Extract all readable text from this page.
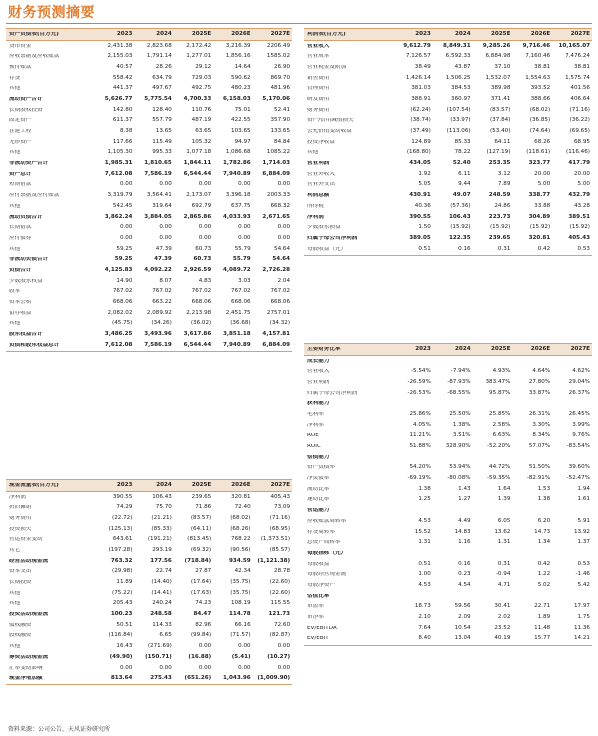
财务预测摘要
资产负债表(百万元)	2023	2024	2025E	2026E	2027E
货币资金	2,431.38	2,823.68	2,172.42	3,216.39	2206.49
应收票据及应收账款	2,155.03	1,791.14	1,277.01	1,856.16	1585.02
预付账款	40.57	28.26	29.12	14.64	26.90
存货	558.42	634.79	729.03	590.62	869.70
其他	441.37	497.67	492.75	480.23	481.96
流动资产合计	5,626.77	5,775.54	4,700.33	6,158.03	5,170.06
长期股权投资	142.80	128.40	110.76	75.01	52.41
固定资产	611.37	557.79	487.19	422.55	357.90
在建工程	8.38	13.65	63.65	103.65	133.65
无形资产	117.66	115.49	105.32	94.97	84.84
其他	1,105.30	995.33	1,077.18	1,086.68	1085.22
非流动资产合计	1,985.31	1,810.65	1,844.11	1,782.86	1,714.03
资产总计	7,612.08	7,586.19	6,544.44	7,940.89	6,884.09
短期借款	0.00	0.00	0.00	0.00	0.00
应付票据及应付账款	3,319.79	3,564.41	2,173.07	3,396.18	2003.33
其他	542.45	319.64	692.79	637.75	668.32
流动负债合计	3,862.24	3,884.05	2,865.86	4,033.93	2,671.65
长期借款	0.00	0.00	0.00	0.00	0.00
应付债券	0.00	0.00	0.00	0.00	0.00
其他	59.25	47.39	60.73	55.79	54.64
非流动负债合计	59.25	47.39	60.73	55.79	54.64
负债合计	4,125.83	4,092.22	2,926.59	4,089.72	2,726.28
少数股东权益	14.90	8.07	4.83	3.03	2.04
股本	767.02	767.02	767.02	767.02	767.02
资本公积	668.06	663.22	668.06	668.06	668.06
留存收益	2,082.02	2,089.92	2,213.98	2,451.75	2757.01
其他	(45.75)	(34.26)	(36.02)	(36.68)	(34.32)
股东权益合计	3,486.25	3,493.96	3,617.86	3,851.18	4,157.81
负债和股东权益总计	7,612.08	7,586.19	6,544.44	7,940.89	6,884.09
利润表(百万元)	2023	2024	2025E	2026E	2027E
营业收入	9,612.79	8,849.31	9,285.26	9,716.46	10,165.07
营业成本	7,126.57	6,592.33	6,884.98	7,160.46	7,476.24
营业税金及附加	38.49	43.87	37.10	38.81	38.81
销售费用	1,426.14	1,506.25	1,532.07	1,554.63	1,575.74
管理费用	381.03	384.53	389.98	393.52	401.56
研发费用	388.91	360.97	371.41	388.66	406.64
财务费用	(62.24)	(107.54)	(83.57)	(68.02)	(71.16)
资产/信用减值损失	(38.74)	(33.97)	(37.84)	(36.85)	(36.22)
公允价值变动收益	(37.49)	(113.06)	(53.40)	(74.64)	(69.65)
投资净收益	124.89	85.33	64.11	68.26	68.95
其他	(168.80)	78.22	(127.19)	(118.61)	(116.46)
营业利润	434.05	52.40	253.35	323.77	417.79
营业外收入	1.92	6.11	3.12	20.00	20.00
营业外支出	5.05	9.44	7.89	5.00	5.00
利润总额	430.91	49.07	248.59	338.77	432.79
所得税	40.36	(57.36)	24.86	33.88	43.28
净利润	390.55	106.43	223.73	304.89	389.51
少数股东损益	1.50	(15.92)	(15.92)	(15.92)	(15.92)
归属于母公司净利润	389.05	122.35	239.65	320.81	405.43
每股收益（元）	0.51	0.16	0.31	0.42	0.53
主要财务比率	2023	2024	2025E	2026E	2027E
成长能力
营业收入	-5.54%	-7.94%	4.93%	4.64%	4.62%
营业利润	-26.59%	-87.93%	383.47%	27.80%	29.04%
归属于母公司净利润	-26.53%	-68.55%	95.87%	33.87%	26.37%
获利能力
毛利率	25.86%	25.50%	25.85%	26.31%	26.45%
净利率	4.05%	1.38%	2.58%	3.30%	3.99%
ROE	11.21%	3.51%	6.63%	8.34%	9.76%
ROIC	51.88%	328.90%	-52.20%	57.07%	-83.54%
偿债能力
资产负债率	54.20%	53.94%	44.72%	51.50%	39.60%
净负债率	-69.19%	-80.08%	-59.35%	-82.91%	-52.47%
流动比率	1.38	1.43	1.64	1.53	1.94
速动比率	1.25	1.27	1.39	1.38	1.61
营运能力
应收账款周转率	4.53	4.49	6.05	6.20	5.91
存货周转率	15.52	14.83	13.62	14.73	13.92
总资产周转率	1.31	1.16	1.31	1.34	1.37
每股指标（元）
每股收益	0.51	0.16	0.31	0.42	0.53
每股经营现金流	1.00	0.23	-0.94	1.22	-1.46
每股净资产	4.53	4.54	4.71	5.02	5.42
估值比率
市盈率	18.73	59.56	30.41	22.71	17.97
市净率	2.10	2.09	2.02	1.89	1.75
EV/EBITDA	7.64	10.54	23.52	11.48	11.36
EV/EBIT	8.40	13.04	40.19	15.77	14.21
现金流量表(百万元)	2023	2024	2025E	2026E	2027E
净利润	390.55	106.43	239.65	320.81	405.43
折旧摊销	74.29	75.70	71.86	72.40	73.09
财务费用	(22.72)	(21.21)	(83.57)	(68.02)	(71.16)
投资损失	(125.13)	(85.33)	(64.11)	(68.26)	(68.95)
营运资金变动	643.61	(191.21)	(813.45)	768.22	(1,373.51)
其它	(197.28)	293.19	(69.32)	(90.56)	(85.57)
经营活动现金流	763.32	177.56	(718.84)	934.59	(1,121.38)
资本支出	(29.98)	22.74	27.87	42.34	28.78
长期投资	11.89	(14.40)	(17.64)	(35.75)	(22.60)
其他	(75.22)	(14.41)	(17.63)	(35.75)	(22.60)
其他	205.43	240.24	74.23	108.19	115.55
投资活动现金流	100.23	248.58	84.47	114.78	121.73
债权融资	50.51	114.33	82.96	66.16	72.60
股权融资	(116.84)	6.65	(99.84)	(71.57)	(82.87)
其他	16.43	(271.69)	0.00	0.00	0.00
筹资活动现金流	(49.90)	(150.71)	(16.88)	(5.41)	(10.27)
汇率变动影响	0.00	0.00	0.00	0.00	0.00
现金净增加额	813.64	275.43	(651.26)	1,043.96	(1,009.90)
资料来源：公司公告，天风证券研究所
